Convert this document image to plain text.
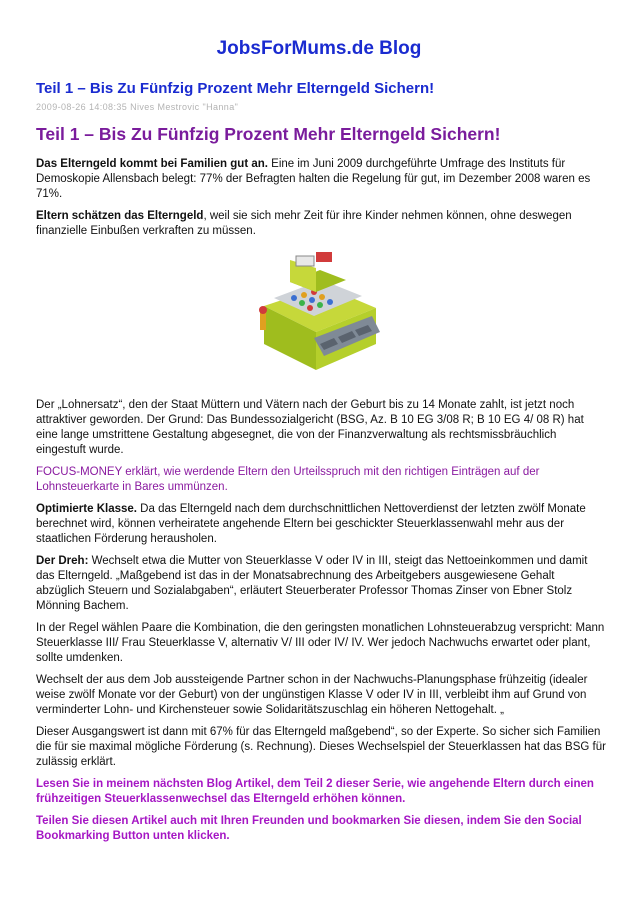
JobsForMums.de Blog
Teil 1 – Bis Zu Fünfzig Prozent Mehr Elterngeld Sichern!
2009-08-26 14:08:35 Nives Mestrovic "Hanna"
Teil 1 – Bis Zu Fünfzig Prozent Mehr Elterngeld Sichern!

Das Elterngeld kommt bei Familien gut an. Eine im Juni 2009 durchgeführte Umfrage des Instituts für Demoskopie Allensbach belegt: 77% der Befragten halten die Regelung für gut, im Dezember 2008 waren es 71%.

Eltern schätzen das Elterngeld, weil sie sich mehr Zeit für ihre Kinder nehmen können, ohne deswegen finanzielle Einbußen verkraften zu müssen.

Der „Lohnersatz“, den der Staat Müttern und Vätern nach der Geburt bis zu 14 Monate zahlt, ist jetzt noch attraktiver geworden. Der Grund: Das Bundessozialgericht (BSG, Az. B 10 EG 3/08 R; B 10 EG 4/ 08 R) hat eine lange umstrittene Gestaltung abgesegnet, die von der Finanzverwaltung als rechtsmissbräuchlich eingestuft wurde.

FOCUS-MONEY erklärt, wie werdende Eltern den Urteilsspruch mit den richtigen Einträgen auf der Lohnsteuerkarte in Bares ummünzen.

Optimierte Klasse. Da das Elterngeld nach dem durchschnittlichen Nettoverdienst der letzten zwölf Monate berechnet wird, können verheiratete angehende Eltern bei geschickter Steuerklassenwahl mehr aus der staatlichen Förderung herausholen.

Der Dreh: Wechselt etwa die Mutter von Steuerklasse V oder IV in III, steigt das Nettoeinkommen und damit das Elterngeld. „Maßgebend ist das in der Monatsabrechnung des Arbeitgebers ausgewiesene Gehalt abzüglich Steuern und Sozialabgaben“, erläutert Steuerberater Professor Thomas Zinser von Ebner Stolz Mönning Bachem.

In der Regel wählen Paare die Kombination, die den geringsten monatlichen Lohnsteuerabzug verspricht: Mann Steuerklasse III/ Frau Steuerklasse V, alternativ V/ III oder IV/ IV. Wer jedoch Nachwuchs erwartet oder plant, sollte umdenken.

Wechselt der aus dem Job aussteigende Partner schon in der Nachwuchs-Planungsphase frühzeitig (idealer weise zwölf Monate vor der Geburt) von der ungünstigen Klasse V oder IV in III, verbleibt ihm auf Grund von verminderter Lohn- und Kirchensteuer sowie Solidaritätszuschlag ein höheren Nettogehalt. „

Dieser Ausgangswert ist dann mit 67% für das Elterngeld maßgebend“, so der Experte. So sicher sich Familien die für sie maximal mögliche Förderung (s. Rechnung). Dieses Wechselspiel der Steuerklassen hat das BSG für zulässig erklärt.

Lesen Sie in meinem nächsten Blog Artikel, dem Teil 2 dieser Serie, wie angehende Eltern durch einen frühzeitigen Steuerklassenwechsel das Elterngeld erhöhen können.

Teilen Sie diesen Artikel auch mit Ihren Freunden und bookmarken Sie diesen, indem Sie den Social Bookmarking Button unten klicken.
